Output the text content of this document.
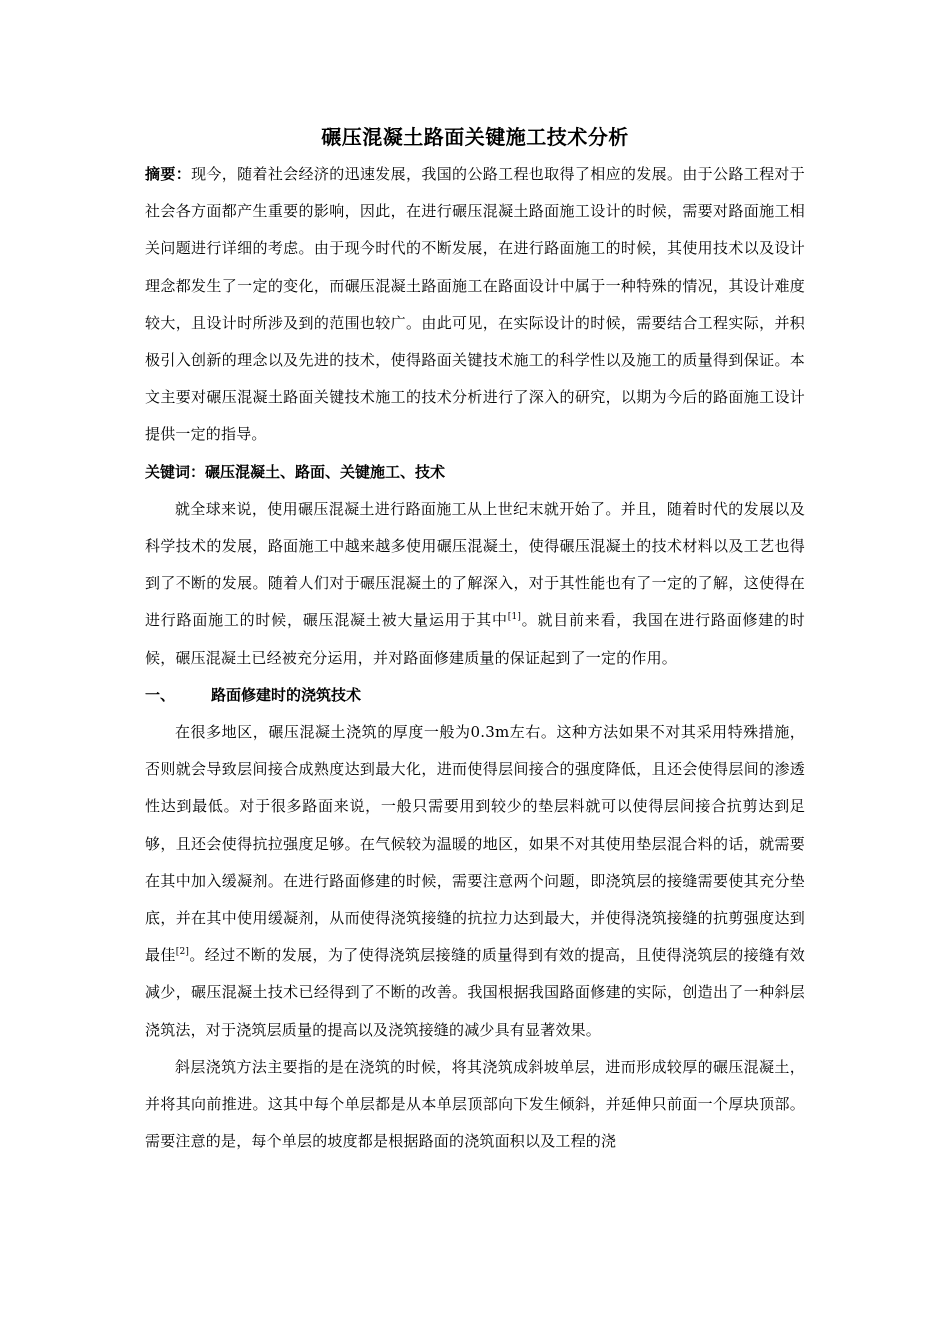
碾压混凝土路面关键施工技术分析

摘要：现今，随着社会经济的迅速发展，我国的公路工程也取得了相应的发展。由于公路工程对于社会各方面都产生重要的影响，因此，在进行碾压混凝土路面施工设计的时候，需要对路面施工相关问题进行详细的考虑。由于现今时代的不断发展，在进行路面施工的时候，其使用技术以及设计理念都发生了一定的变化，而碾压混凝土路面施工在路面设计中属于一种特殊的情况，其设计难度较大，且设计时所涉及到的范围也较广。由此可见，在实际设计的时候，需要结合工程实际，并积极引入创新的理念以及先进的技术，使得路面关键技术施工的科学性以及施工的质量得到保证。本文主要对碾压混凝土路面关键技术施工的技术分析进行了深入的研究，以期为今后的路面施工设计提供一定的指导。

关键词：碾压混凝土、路面、关键施工、技术

就全球来说，使用碾压混凝土进行路面施工从上世纪末就开始了。并且，随着时代的发展以及科学技术的发展，路面施工中越来越多使用碾压混凝土，使得碾压混凝土的技术材料以及工艺也得到了不断的发展。随着人们对于碾压混凝土的了解深入，对于其性能也有了一定的了解，这使得在进行路面施工的时候，碾压混凝土被大量运用于其中[1]。就目前来看，我国在进行路面修建的时候，碾压混凝土已经被充分运用，并对路面修建质量的保证起到了一定的作用。

一、	路面修建时的浇筑技术

在很多地区，碾压混凝土浇筑的厚度一般为0.3m左右。这种方法如果不对其采用特殊措施，否则就会导致层间接合成熟度达到最大化，进而使得层间接合的强度降低，且还会使得层间的渗透性达到最低。对于很多路面来说，一般只需要用到较少的垫层料就可以使得层间接合抗剪达到足够，且还会使得抗拉强度足够。在气候较为温暖的地区，如果不对其使用垫层混合料的话，就需要在其中加入缓凝剂。在进行路面修建的时候，需要注意两个问题，即浇筑层的接缝需要使其充分垫底，并在其中使用缓凝剂，从而使得浇筑接缝的抗拉力达到最大，并使得浇筑接缝的抗剪强度达到最佳[2]。经过不断的发展，为了使得浇筑层接缝的质量得到有效的提高，且使得浇筑层的接缝有效减少，碾压混凝土技术已经得到了不断的改善。我国根据我国路面修建的实际，创造出了一种斜层浇筑法，对于浇筑层质量的提高以及浇筑接缝的减少具有显著效果。

斜层浇筑方法主要指的是在浇筑的时候，将其浇筑成斜坡单层，进而形成较厚的碾压混凝土，并将其向前推进。这其中每个单层都是从本单层顶部向下发生倾斜，并延伸只前面一个厚块顶部。需要注意的是，每个单层的坡度都是根据路面的浇筑面积以及工程的浇
